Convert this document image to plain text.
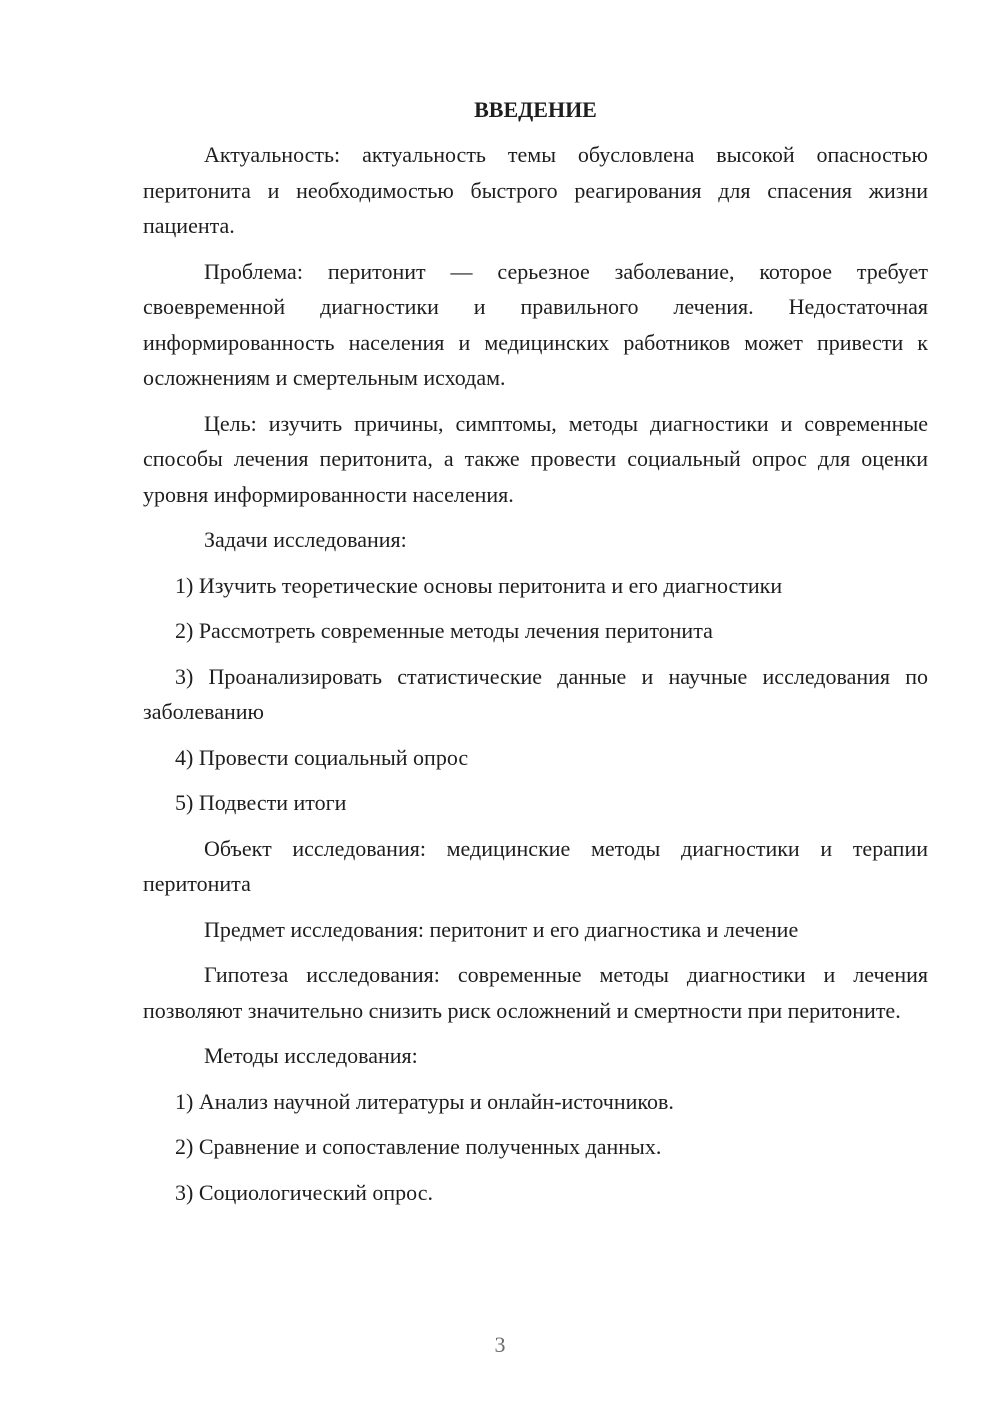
ВВЕДЕНИЕ

Актуальность: актуальность темы обусловлена высокой опасностью перитонита и необходимостью быстрого реагирования для спасения жизни пациента.

Проблема: перитонит — серьезное заболевание, которое требует своевременной диагностики и правильного лечения. Недостаточная информированность населения и медицинских работников может привести к осложнениям и смертельным исходам.

Цель: изучить причины, симптомы, методы диагностики и современные способы лечения перитонита, а также провести социальный опрос для оценки уровня информированности населения.

Задачи исследования:

1) Изучить теоретические основы перитонита и его диагностики

2) Рассмотреть современные методы лечения перитонита

3) Проанализировать статистические данные и научные исследования по заболеванию

4) Провести социальный опрос

5) Подвести итоги

Объект исследования: медицинские методы диагностики и терапии перитонита

Предмет исследования: перитонит и его диагностика и лечение

Гипотеза исследования: современные методы диагностики и лечения позволяют значительно снизить риск осложнений и смертности при перитоните.

Методы исследования:

1) Анализ научной литературы и онлайн-источников.

2) Сравнение и сопоставление полученных данных.

3) Социологический опрос.

3
